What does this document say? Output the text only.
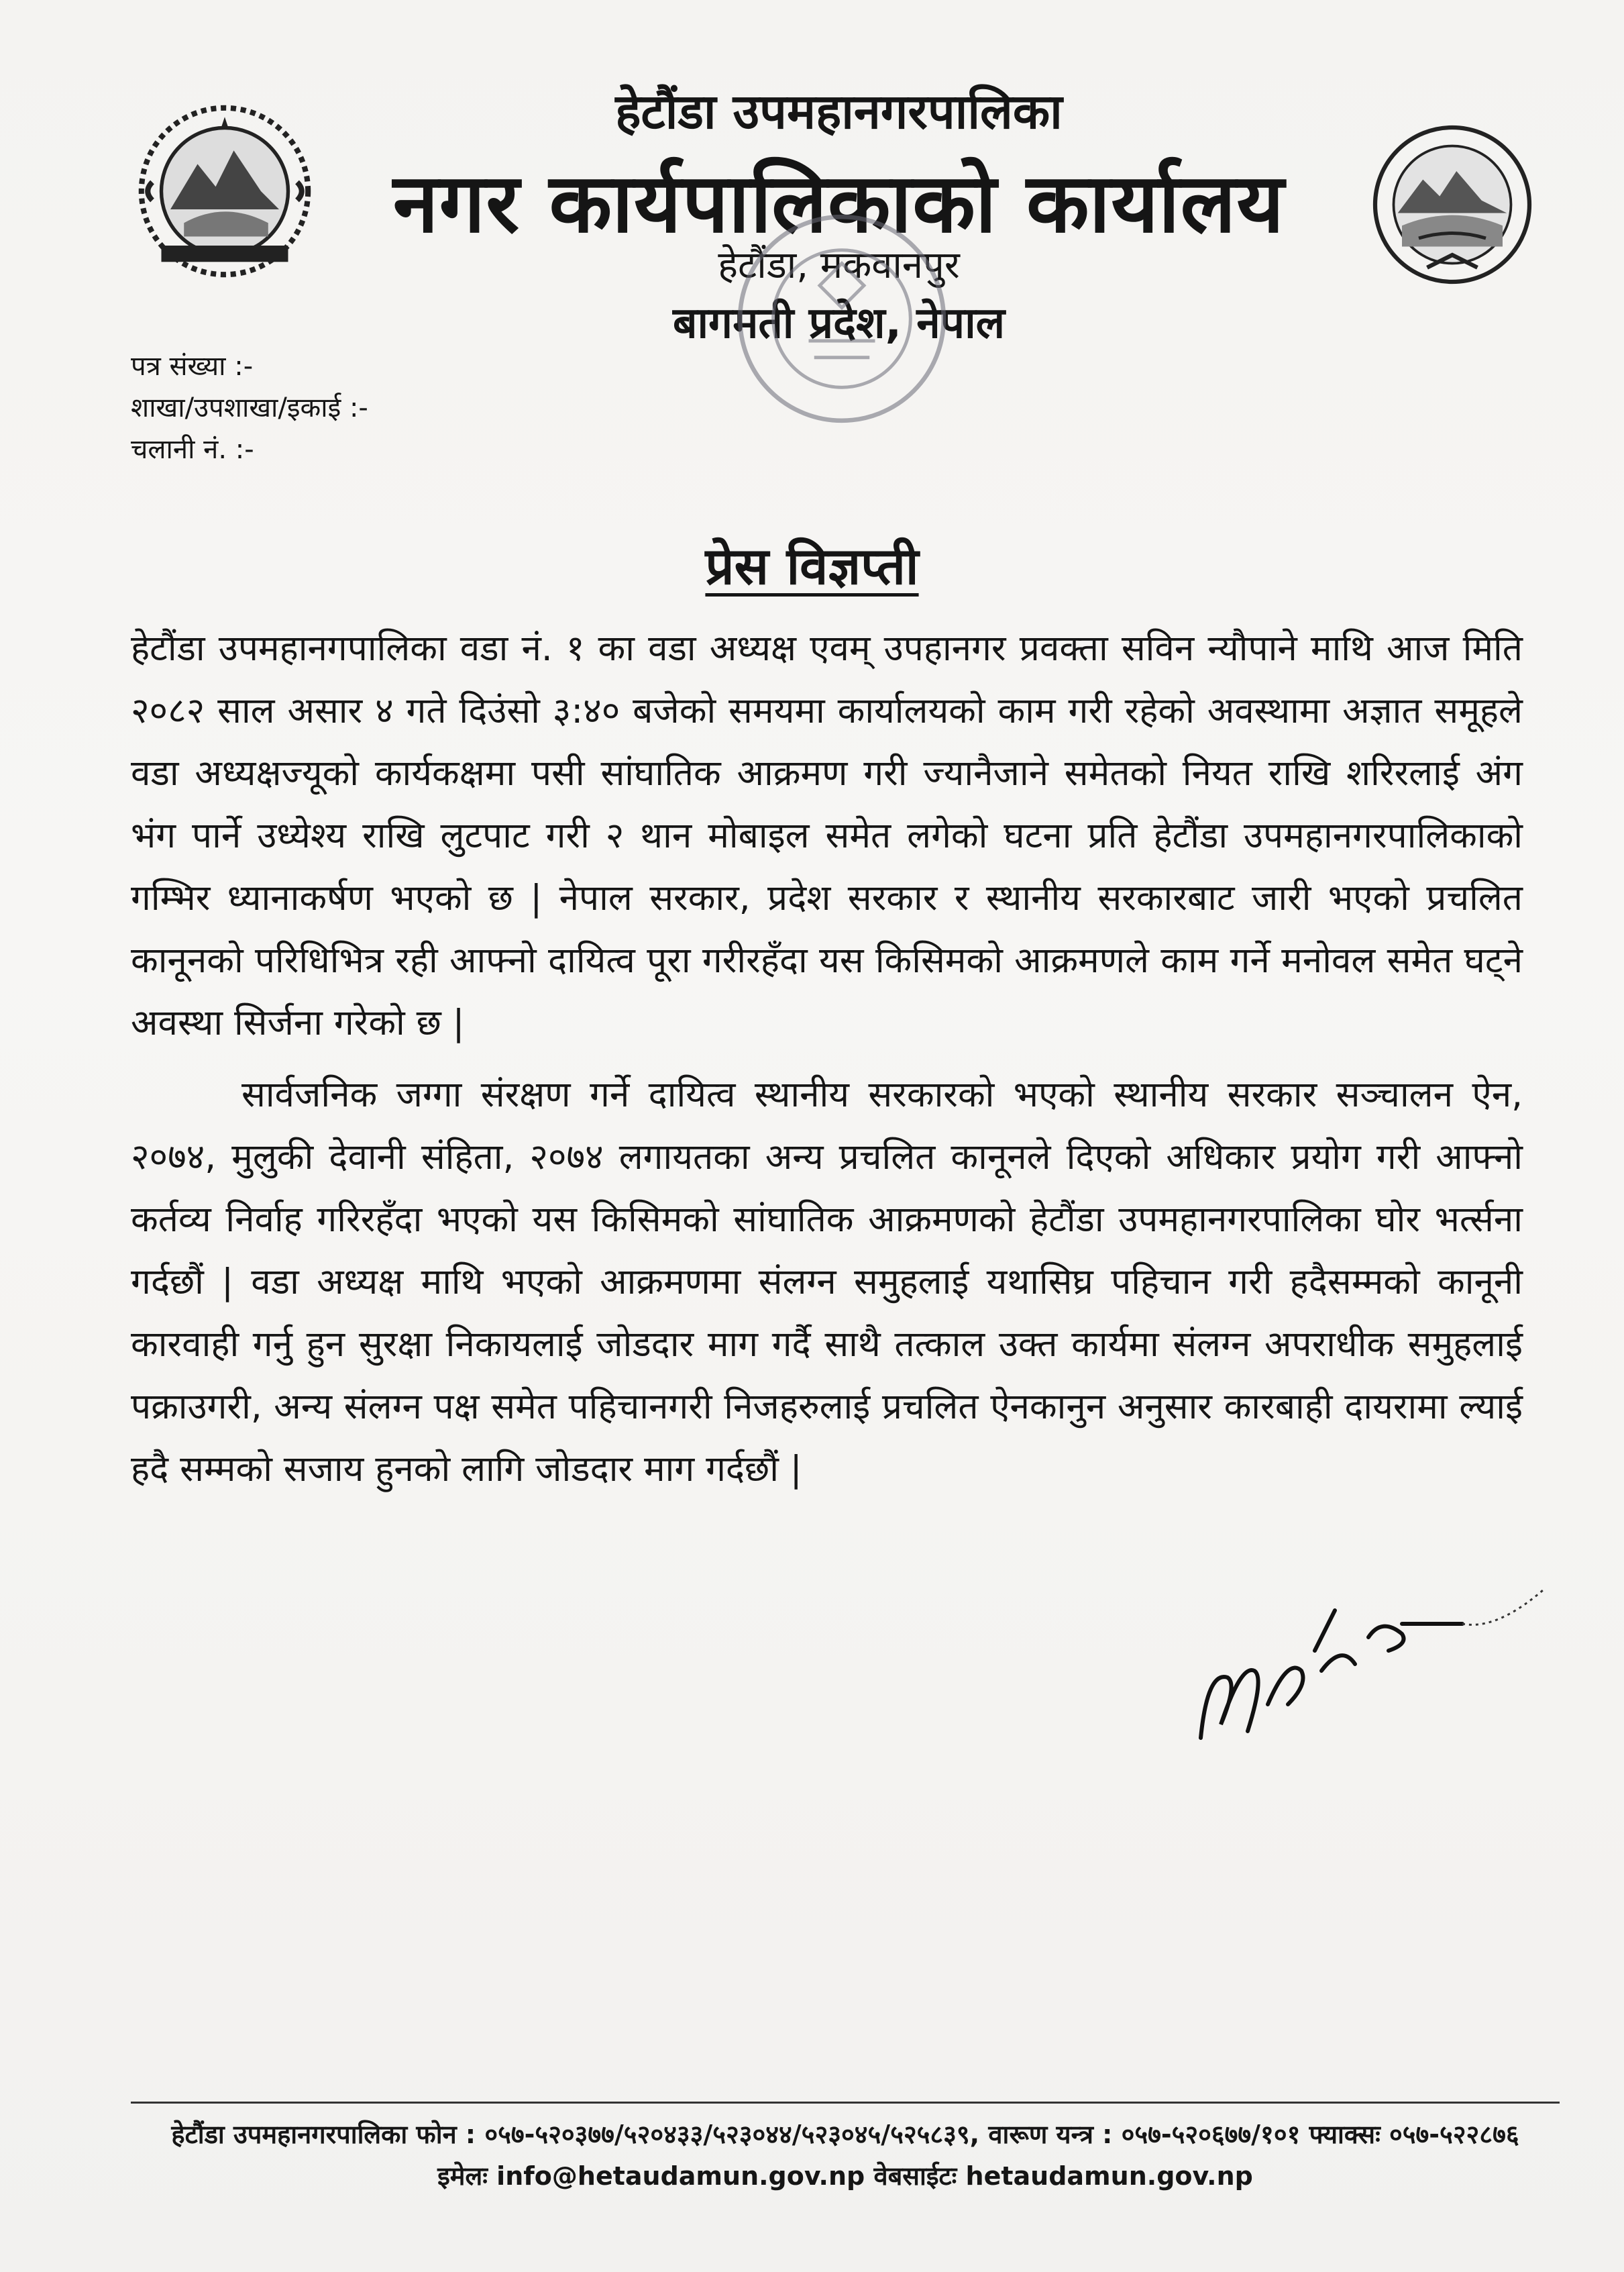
हेटौंडा उपमहानगरपालिका
नगर कार्यपालिकाको कार्यालय
हेटौंडा, मकवानपुर
बागमती प्रदेश, नेपाल
पत्र संख्या :-
शाखा/उपशाखा/इकाई :-
चलानी नं. :-
प्रेस विज्ञप्ती

हेटौंडा उपमहानगपालिका वडा नं. १ का वडा अध्यक्ष एवम् उपहानगर प्रवक्ता सविन न्यौपाने माथि आज मिति २०८२ साल असार ४ गते दिउंसो ३:४० बजेको समयमा कार्यालयको काम गरी रहेको अवस्थामा अज्ञात समूहले वडा अध्यक्षज्यूको कार्यकक्षमा पसी सांघातिक आक्रमण गरी ज्यानैजाने समेतको नियत राखि शरिरलाई अंग भंग पार्ने उध्येश्य राखि लुटपाट गरी २ थान मोबाइल समेत लगेको घटना प्रति हेटौंडा उपमहानगरपालिकाको गम्भिर ध्यानाकर्षण भएको छ | नेपाल सरकार, प्रदेश सरकार र स्थानीय सरकारबाट जारी भएको प्रचलित कानूनको परिधिभित्र रही आफ्नो दायित्व पूरा गरीरहँदा यस किसिमको आक्रमणले काम गर्ने मनोवल समेत घट्ने अवस्था सिर्जना गरेको छ |

सार्वजनिक जग्गा संरक्षण गर्ने दायित्व स्थानीय सरकारको भएको स्थानीय सरकार सञ्चालन ऐन, २०७४, मुलुकी देवानी संहिता, २०७४ लगायतका अन्य प्रचलित कानूनले दिएको अधिकार प्रयोग गरी आफ्नो कर्तव्य निर्वाह गरिरहँदा भएको यस किसिमको सांघातिक आक्रमणको हेटौंडा उपमहानगरपालिका घोर भर्त्सना गर्दछौं | वडा अध्यक्ष माथि भएको आक्रमणमा संलग्न समुहलाई यथासिघ्र पहिचान गरी हदैसम्मको कानूनी कारवाही गर्नु हुन सुरक्षा निकायलाई जोडदार माग गर्दै साथै तत्काल उक्त कार्यमा संलग्न अपराधीक समुहलाई पक्राउगरी, अन्य संलग्न पक्ष समेत पहिचानगरी निजहरुलाई प्रचलित ऐनकानुन अनुसार कारबाही दायरामा ल्याई हदै सम्मको सजाय हुनको लागि जोडदार माग गर्दछौं |

हेटौंडा उपमहानगरपालिका फोन : ०५७-५२०३७७/५२०४३३/५२३०४४/५२३०४५/५२५८३९, वारूण यन्त्र : ०५७-५२०६७७/१०१ फ्याक्सः ०५७-५२२८७६
इमेलः info@hetaudamun.gov.np वेबसाईटः hetaudamun.gov.np
